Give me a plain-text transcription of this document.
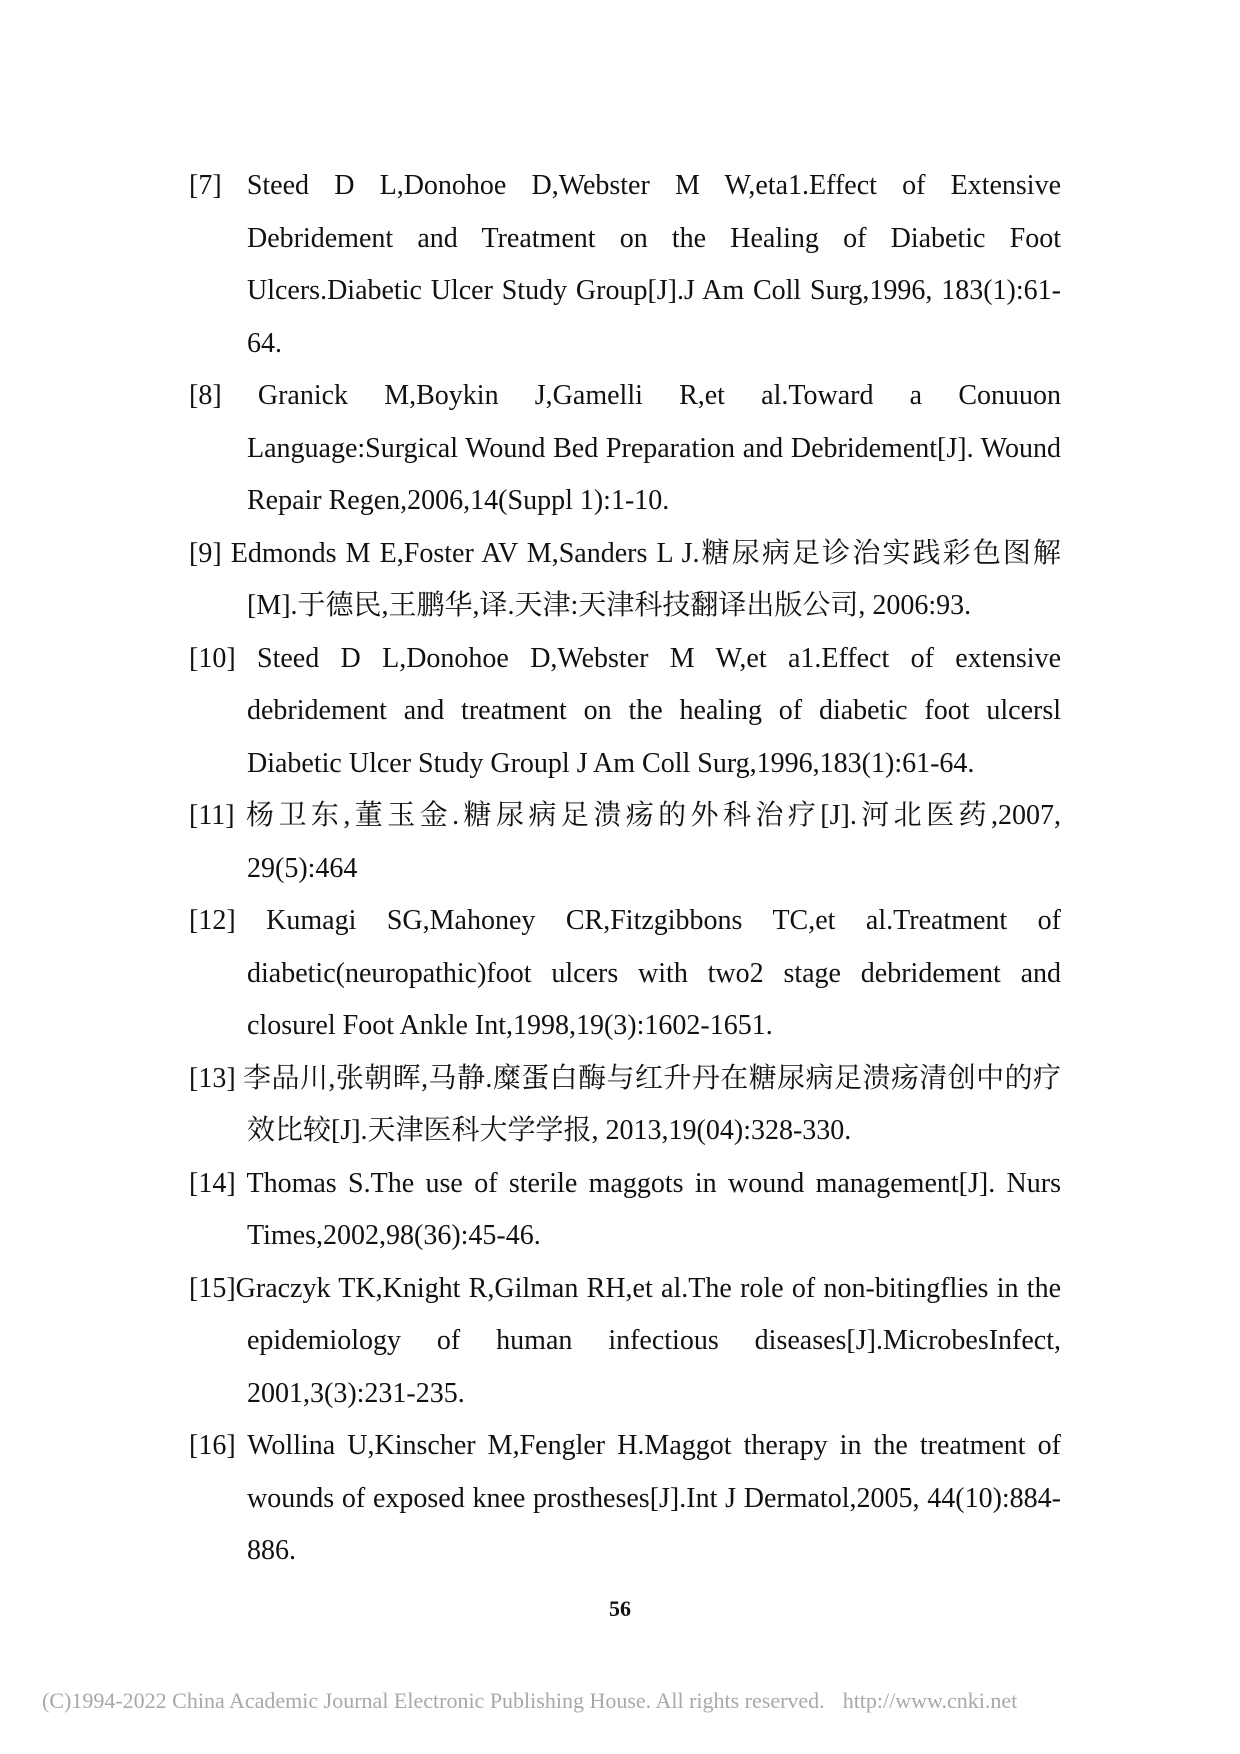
[7] Steed D L,Donohoe D,Webster M W,eta1.Effect of Extensive Debridement and Treatment on the Healing of Diabetic Foot Ulcers.Diabetic Ulcer Study Group[J].J Am Coll Surg,1996, 183(1):61-64.

[8] Granick M,Boykin J,Gamelli R,et al.Toward a Conuuon Language:Surgical Wound Bed Preparation and Debridement[J]. Wound Repair Regen,2006,14(Suppl 1):1-10.

[9] Edmonds M E,Foster AV M,Sanders L J.糖尿病足诊治实践彩色图解[M].于德民,王鹏华,译.天津:天津科技翻译出版公司, 2006:93.

[10] Steed D L,Donohoe D,Webster M W,et a1.Effect of extensive debridement and treatment on the healing of diabetic foot ulcersl Diabetic Ulcer Study Groupl J Am Coll Surg,1996,183(1):61-64.

[11] 杨卫东,董玉金.糖尿病足溃疡的外科治疗[J].河北医药,2007, 29(5):464

[12] Kumagi SG,Mahoney CR,Fitzgibbons TC,et al.Treatment of diabetic(neuropathic)foot ulcers with two2 stage debridement and closurel Foot Ankle Int,1998,19(3):1602-1651.

[13] 李品川,张朝晖,马静.糜蛋白酶与红升丹在糖尿病足溃疡清创中的疗效比较[J].天津医科大学学报, 2013,19(04):328-330.

[14] Thomas S.The use of sterile maggots in wound management[J]. Nurs Times,2002,98(36):45-46.

[15]Graczyk TK,Knight R,Gilman RH,et al.The role of non-bitingflies in the epidemiology of human infectious diseases[J].MicrobesInfect, 2001,3(3):231-235.

[16] Wollina U,Kinscher M,Fengler H.Maggot therapy in the treatment of wounds of exposed knee prostheses[J].Int J Dermatol,2005, 44(10):884-886.

56
(C)1994-2022 China Academic Journal Electronic Publishing House. All rights reserved. http://www.cnki.net
